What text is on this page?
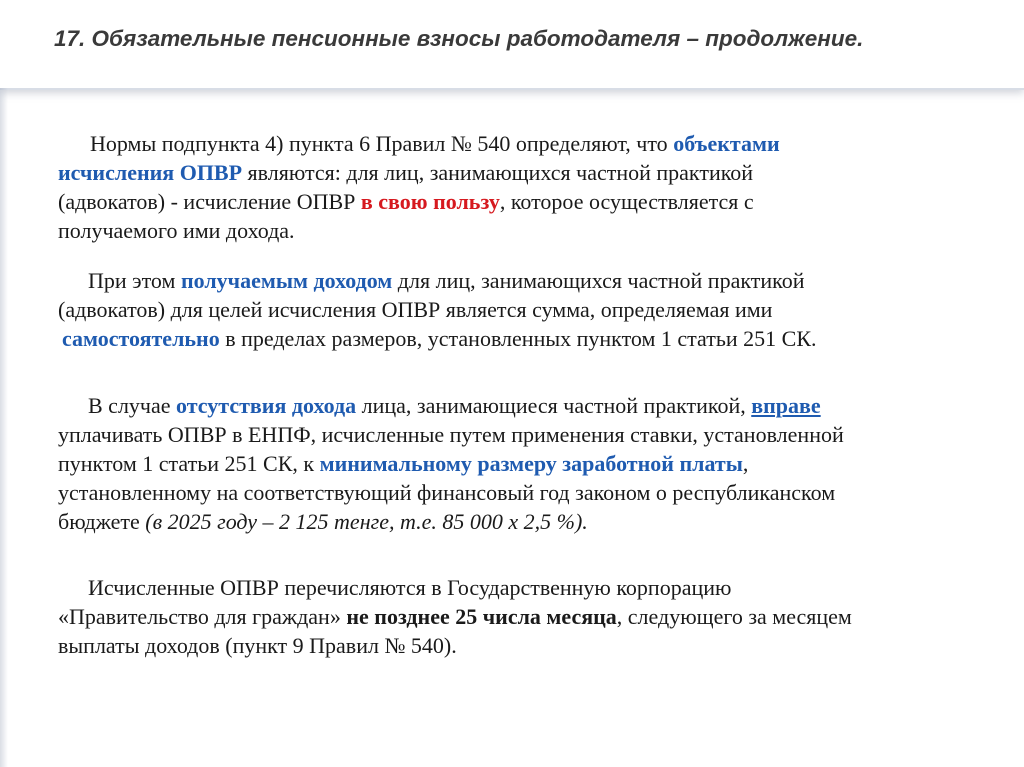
17. Обязательные пенсионные взносы работодателя – продолжение.
Нормы подпункта 4) пункта 6 Правил № 540 определяют, что объектами
исчисления ОПВР являются: для лиц, занимающихся частной практикой
(адвокатов) - исчисление ОПВР в свою пользу, которое осуществляется с
получаемого ими дохода.
При этом получаемым доходом для лиц, занимающихся частной практикой
(адвокатов) для целей исчисления ОПВР является сумма, определяемая ими
самостоятельно в пределах размеров, установленных пунктом 1 статьи 251 СК.
В случае отсутствия дохода лица, занимающиеся частной практикой, вправе
уплачивать ОПВР в ЕНПФ, исчисленные путем применения ставки, установленной
пунктом 1 статьи 251 СК, к минимальному размеру заработной платы,
установленному на соответствующий финансовый год законом о республиканском
бюджете (в 2025 году – 2 125 тенге, т.е. 85 000 х 2,5 %).
Исчисленные ОПВР перечисляются в Государственную корпорацию
«Правительство для граждан» не позднее 25 числа месяца, следующего за месяцем
выплаты доходов (пункт 9 Правил № 540).
